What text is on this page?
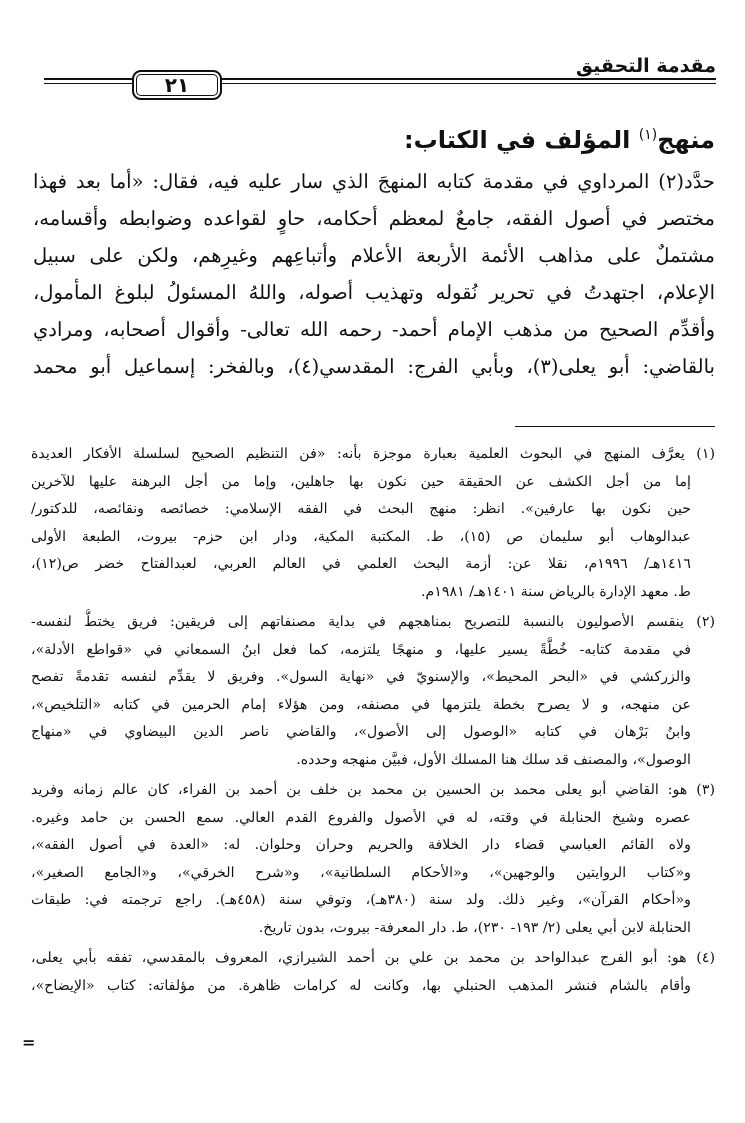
مقدمة التحقيق
٢١
منهج$^{(١)}$ المؤلف في الكتاب:
حدَّد(٢) المرداوي في مقدمة كتابه المنهجَ الذي سار عليه فيه، فقال: «أما بعد فهذا
مختصر في أصول الفقه، جامعٌ لمعظم أحكامه، حاوٍ لقواعده وضوابطه وأقسامه،
مشتملٌ على مذاهب الأئمة الأربعة الأعلام وأتباعِهم وغيرِهم، ولكن على سبيل
الإعلام، اجتهدتُ في تحرير نُقوله وتهذيب أصوله، واللهُ المسئولُ لبلوغ المأمول،
وأقدِّم الصحيح من مذهب الإمام أحمد- رحمه الله تعالى- وأقوال أصحابه، ومرادي
بالقاضي: أبو يعلى(٣)، وبأبي الفرج: المقدسي(٤)، وبالفخر: إسماعيل أبو محمد
(١) يعرَّف المنهج في البحوث العلمية بعبارة موجزة بأنه: «فن التنظيم الصحيح لسلسلة الأفكار العديدة
إما من أجل الكشف عن الحقيقة حين نكون بها جاهلين، وإما من أجل البرهنة عليها للآخرين
حين نكون بها عارفين». انظر: منهج البحث في الفقه الإسلامي: خصائصه ونقائصه، للدكتور/
عبدالوهاب أبو سليمان ص (١٥)، ط. المكتبة المكية، ودار ابن حزم- بيروت، الطبعة الأولى
١٤١٦هـ/ ١٩٩٦م، نقلا عن: أزمة البحث العلمي في العالم العربي، لعبدالفتاح خضر ص(١٢)،
ط. معهد الإدارة بالرياض سنة ١٤٠١هـ/ ١٩٨١م.
(٢) ينقسم الأصوليون بالنسبة للتصريح بمناهجهم في بداية مصنفاتهم إلى فريقين: فريق يختطُّ لنفسه-
في مقدمة كتابه- خُطَّةً يسير عليها، و منهجًا يلتزمه، كما فعل ابنُ السمعاني في «قواطع الأدلة»،
والزركشي في «البحر المحيط»، والإسنويّ في «نهاية السول». وفريق لا يقدِّم لنفسه تقدمةً تفصح
عن منهجه، و لا يصرح بخطة يلتزمها في مصنفه، ومن هؤلاء إمام الحرمين في كتابه «التلخيص»،
وابنُ بَرْهان في كتابه «الوصول إلى الأصول»، والقاضي ناصر الدين البيضاوي في «منهاج
الوصول»، والمصنف قد سلك هنا المسلك الأول، فبيَّن منهجه وحدده.
(٣) هو: القاضي أبو يعلى محمد بن الحسين بن محمد بن خلف بن أحمد بن الفراء، كان عالم زمانه وفريد
عصره وشيخ الحنابلة في وقته، له في الأصول والفروع القدم العالي. سمع الحسن بن حامد وغيره.
ولاه القائم العباسي قضاء دار الخلافة والحريم وحران وحلوان. له: «العدة في أصول الفقه»،
و«كتاب الروايتين والوجهين»، و«الأحكام السلطانية»، و«شرح الخرقي»، و«الجامع الصغير»،
و«أحكام القرآن»، وغير ذلك. ولد سنة (٣٨٠هـ)، وتوفي سنة (٤٥٨هـ). راجع ترجمته في: طبقات
الحنابلة لابن أبي يعلى (٢/ ١٩٣- ٢٣٠)، ط. دار المعرفة- بيروت، بدون تاريخ.
(٤) هو: أبو الفرج عبدالواحد بن محمد بن علي بن أحمد الشيرازي، المعروف بالمقدسي، تفقه بأبي يعلى،
وأقام بالشام فنشر المذهب الحنبلي بها، وكانت له كرامات ظاهرة. من مؤلفاته: كتاب «الإيضاح»،
=
